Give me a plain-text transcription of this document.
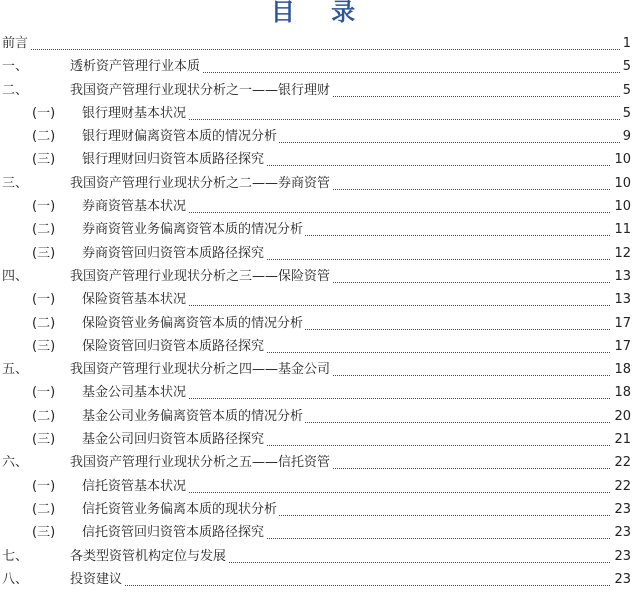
目 录
前言	1
一、	透析资产管理行业本质	5
二、	我国资产管理行业现状分析之一——银行理财	5
(一) 银行理财基本状况	5
(二) 银行理财偏离资管本质的情况分析	9
(三) 银行理财回归资管本质路径探究	10
三、	我国资产管理行业现状分析之二——券商资管	10
(一) 券商资管基本状况	10
(二) 券商资管业务偏离资管本质的情况分析	11
(三) 券商资管回归资管本质路径探究	12
四、	我国资产管理行业现状分析之三——保险资管	13
(一) 保险资管基本状况	13
(二) 保险资管业务偏离资管本质的情况分析	17
(三) 保险资管回归资管本质路径探究	17
五、	我国资产管理行业现状分析之四——基金公司	18
(一) 基金公司基本状况	18
(二) 基金公司业务偏离资管本质的情况分析	20
(三) 基金公司回归资管本质路径探究	21
六、	我国资产管理行业现状分析之五——信托资管	22
(一) 信托资管基本状况	22
(二) 信托资管业务偏离本质的现状分析	23
(三) 信托资管回归资管本质路径探究	23
七、	各类型资管机构定位与发展	23
八、	投资建议	23
